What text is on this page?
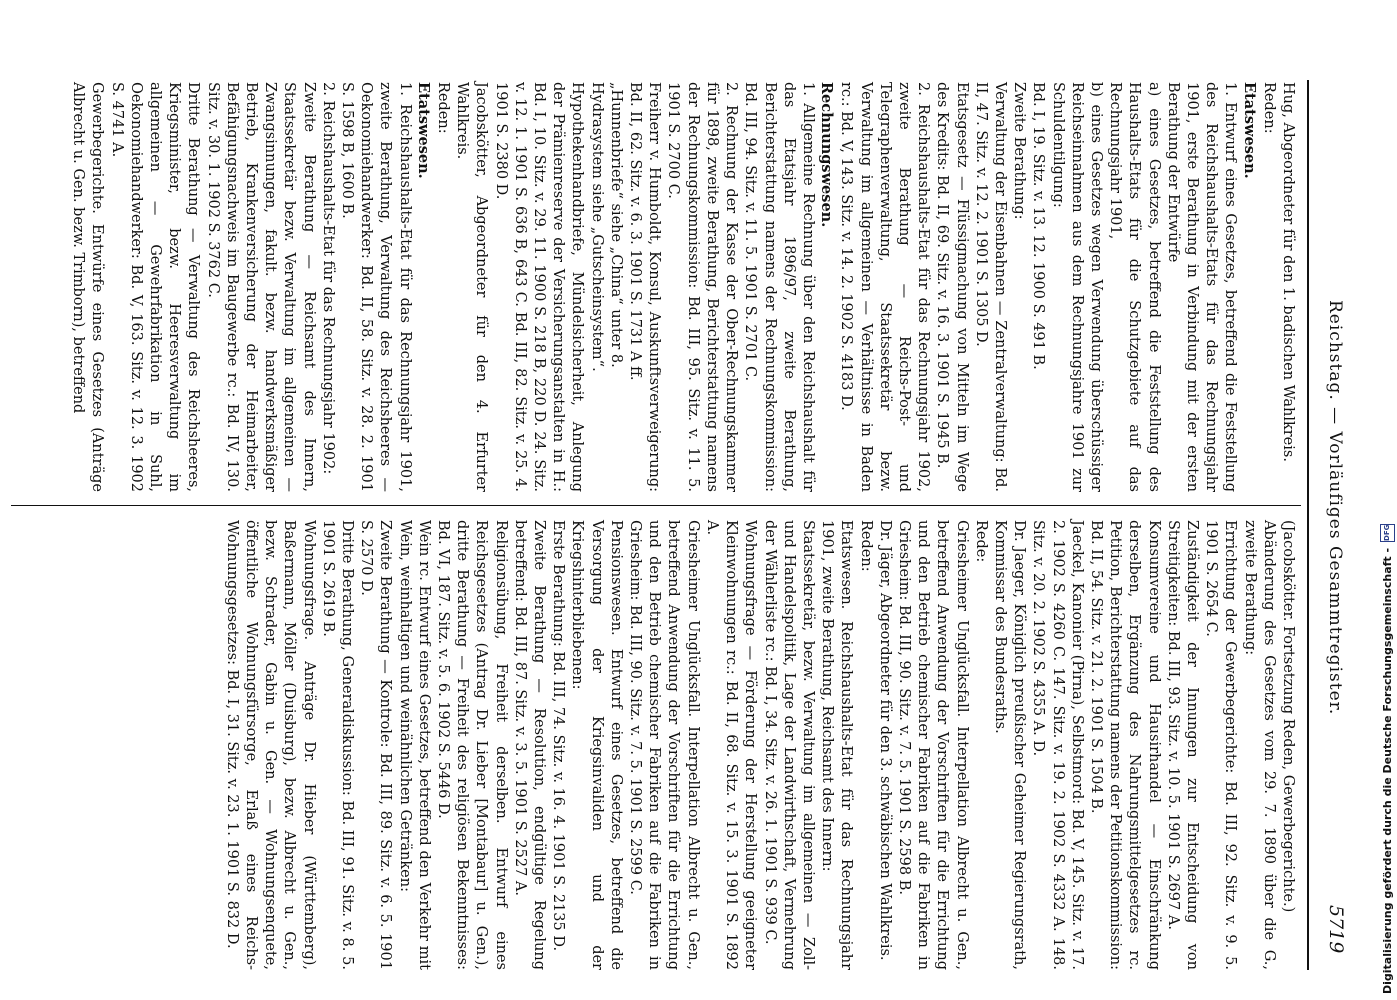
Reichstag. — Vorläufiges Gesammtregister.
5719

Hug, Abgeordneter für den 1. badischen Wahlkreis.

Reden:

Etatswesen.

1. Entwurf eines Gesetzes, betreffend die Feststellung des Reichshaushalts-Etats für das Rechnungsjahr 1901, erste Berathung in Verbindung mit der ersten Berathung der Entwürfe

a) eines Gesetzes, betreffend die Feststellung des Haushalts-Etats für die Schutzgebiete auf das Rechnungsjahr 1901,

b) eines Gesetzes wegen Verwendung überschüssiger Reichseinnahmen aus dem Rechnungsjahre 1901 zur Schuldentilgung:

Bd. I, 19. Sitz. v. 13. 12. 1900 S. 491 B.

Zweite Berathung:

Verwaltung der Eisenbahnen — Zentralverwaltung: Bd. II, 47. Sitz. v. 12. 2. 1901 S. 1305 D.

Etatsgesetz — Flüssigmachung von Mitteln im Wege des Kredits: Bd. II, 69. Sitz. v. 16. 3. 1901 S. 1945 B.

2. Reichshaushalts-Etat für das Rechnungsjahr 1902, zweite Berathung — Reichs-Post- und Telegraphenverwaltung, Staatssekretär bezw. Verwaltung im allgemeinen — Verhältnisse in Baden rc.: Bd. V, 143. Sitz. v. 14. 2. 1902 S. 4183 D.

Rechnungswesen.

1. Allgemeine Rechnung über den Reichshaushalt für das Etatsjahr 1896/97, zweite Berathung, Berichterstattung namens der Rechnungskommission: Bd. III, 94. Sitz. v. 11. 5. 1901 S. 2701 C.

2. Rechnung der Kasse der Ober-Rechnungskammer für 1898, zweite Berathung, Berichterstattung namens der Rechnungskommission: Bd. III, 95. Sitz. v. 11. 5. 1901 S. 2700 C.

Freiherr v. Humboldt, Konsul, Auskunftsverweigerung: Bd. II, 62. Sitz. v. 6. 3. 1901 S. 1731 A ff.

„Hunnenbriefe“ siehe „China“ unter 8.

Hydrasystem siehe „Gutscheinsystem“.

Hypothekenhandbriefe, Mündelsicherheit, Anlegung der Prämienreserve der Versicherungsanstalten in H.: Bd. I, 10. Sitz. v. 29. 11. 1900 S. 218 B, 220 D. 24. Sitz. v. 12. 1. 1901 S. 636 B, 643 C. Bd. III, 82. Sitz. v. 25. 4. 1901 S. 2380 D.

Jacobskötter, Abgeordneter für den 4. Erfurter Wahlkreis.

Reden:

Etatswesen.

1. Reichshaushalts-Etat für das Rechnungsjahr 1901, zweite Berathung, Verwaltung des Reichsheeres — Oekonomiehandwerker: Bd. II, 58. Sitz. v. 28. 2. 1901 S. 1598 B, 1600 B.

2. Reichshaushalts-Etat für das Rechnungsjahr 1902:

Zweite Berathung — Reichsamt des Innern, Staatssekretär bezw. Verwaltung im allgemeinen — Zwangsinnungen, fakult. bezw. handwerksmäßiger Betrieb, Krankenversicherung der Heimarbeiter, Befähigungsnachweis im Baugewerbe rc.: Bd. IV, 130. Sitz. v. 30. 1. 1902 S. 3762 C.

Dritte Berathung — Verwaltung des Reichsheeres, Kriegsminister, bezw. Heeresverwaltung im allgemeinen — Gewehrfabrikation in Suhl, Oekonomiehandwerker: Bd. V, 163. Sitz. v. 12. 3. 1902 S. 4741 A.

Gewerbegerichte. Entwürfe eines Gesetzes (Anträge Albrecht u. Gen. bezw. Trimborn), betreffend

(Jacobskötter. Fortsetzung Reden, Gewerbegerichte.)

Abänderung des Gesetzes vom 29. 7. 1890 über die G., zweite Berathung:

Errichtung der Gewerbegerichte: Bd. III, 92. Sitz. v. 9. 5. 1901 S. 2654 C.

Zuständigkeit der Innungen zur Entscheidung von Streitigkeiten: Bd. III, 93. Sitz. v. 10. 5. 1901 S. 2697 A.

Konsumvereine und Hausirhandel — Einschränkung derselben, Ergänzung des Nahrungsmittelgesetzes rc. Petition, Berichterstattung namens der Petitionskommission: Bd. II, 54. Sitz. v. 21. 2. 1901 S. 1504 B.

Jaeckel, Kanonier (Pirna), Selbstmord: Bd. V, 145. Sitz. v. 17. 2. 1902 S. 4260 C. 147. Sitz. v. 19. 2. 1902 S. 4332 A. 148. Sitz. v. 20. 2. 1902 S. 4355 A. D.

Dr. Jaeger, Königlich preußischer Geheimer Regierungsrath, Kommissar des Bundesraths.

Rede:

Griesheimer Unglücksfall. Interpellation Albrecht u. Gen., betreffend Anwendung der Vorschriften für die Errichtung und den Betrieb chemischer Fabriken auf die Fabriken in Griesheim: Bd. III, 90. Sitz. v. 7. 5. 1901 S. 2598 B.

Dr. Jäger, Abgeordneter für den 3. schwäbischen Wahlkreis.

Reden:

Etatswesen. Reichshaushalts-Etat für das Rechnungsjahr 1901, zweite Berathung, Reichsamt des Innern:

Staatssekretär, bezw. Verwaltung im allgemeinen — Zoll- und Handelspolitik, Lage der Landwirthschaft, Vermehrung der Wählerliste rc.: Bd. I, 34. Sitz. v. 26. 1. 1901 S. 939 C.

Wohnungsfrage — Förderung der Herstellung geeigneter Kleinwohnungen rc.: Bd. II, 68. Sitz. v. 15. 3. 1901 S. 1892 A.

Griesheimer Unglücksfall. Interpellation Albrecht u. Gen., betreffend Anwendung der Vorschriften für die Errichtung und den Betrieb chemischer Fabriken auf die Fabriken in Griesheim: Bd. III, 90. Sitz. v. 7. 5. 1901 S. 2599 C.

Pensionswesen. Entwurf eines Gesetzes, betreffend die Versorgung der Kriegsinvaliden und der Kriegshinterbliebenen:

Erste Berathung: Bd. III, 74. Sitz. v. 16. 4. 1901 S. 2135 D.

Zweite Berathung — Resolution, endgültige Regelung betreffend: Bd. III, 87. Sitz. v. 3. 5. 1901 S. 2527 A.

Religionsübung, Freiheit derselben. Entwurf eines Reichsgesetzes (Antrag Dr. Lieber [Montabaur] u. Gen.), dritte Berathung — Freiheit des religiösen Bekenntnisses: Bd. VI, 187. Sitz. v. 5. 6. 1902 S. 5446 D.

Wein rc. Entwurf eines Gesetzes, betreffend den Verkehr mit Wein, weinhaltigen und weinähnlichen Getränken:

Zweite Berathung — Kontrole: Bd. III, 89. Sitz. v. 6. 5. 1901 S. 2570 D.

Dritte Berathung, Generaldiskussion: Bd. III, 91. Sitz. v. 8. 5. 1901 S. 2619 B.

Wohnungsfrage. Anträge Dr. Hieber (Württemberg), Baßermann, Möller (Duisburg), bezw. Albrecht u. Gen., bezw. Schrader, Gabin u. Gen. — Wohnungsenquete, öffentliche Wohnungsfürsorge, Erlaß eines Reichs-Wohnungsgesetzes: Bd. I, 31. Sitz. v. 23. 1. 1901 S. 832 D.	Digitalisierung gefördert durch die Deutsche Forschungsgemeinschaft -
DFG
